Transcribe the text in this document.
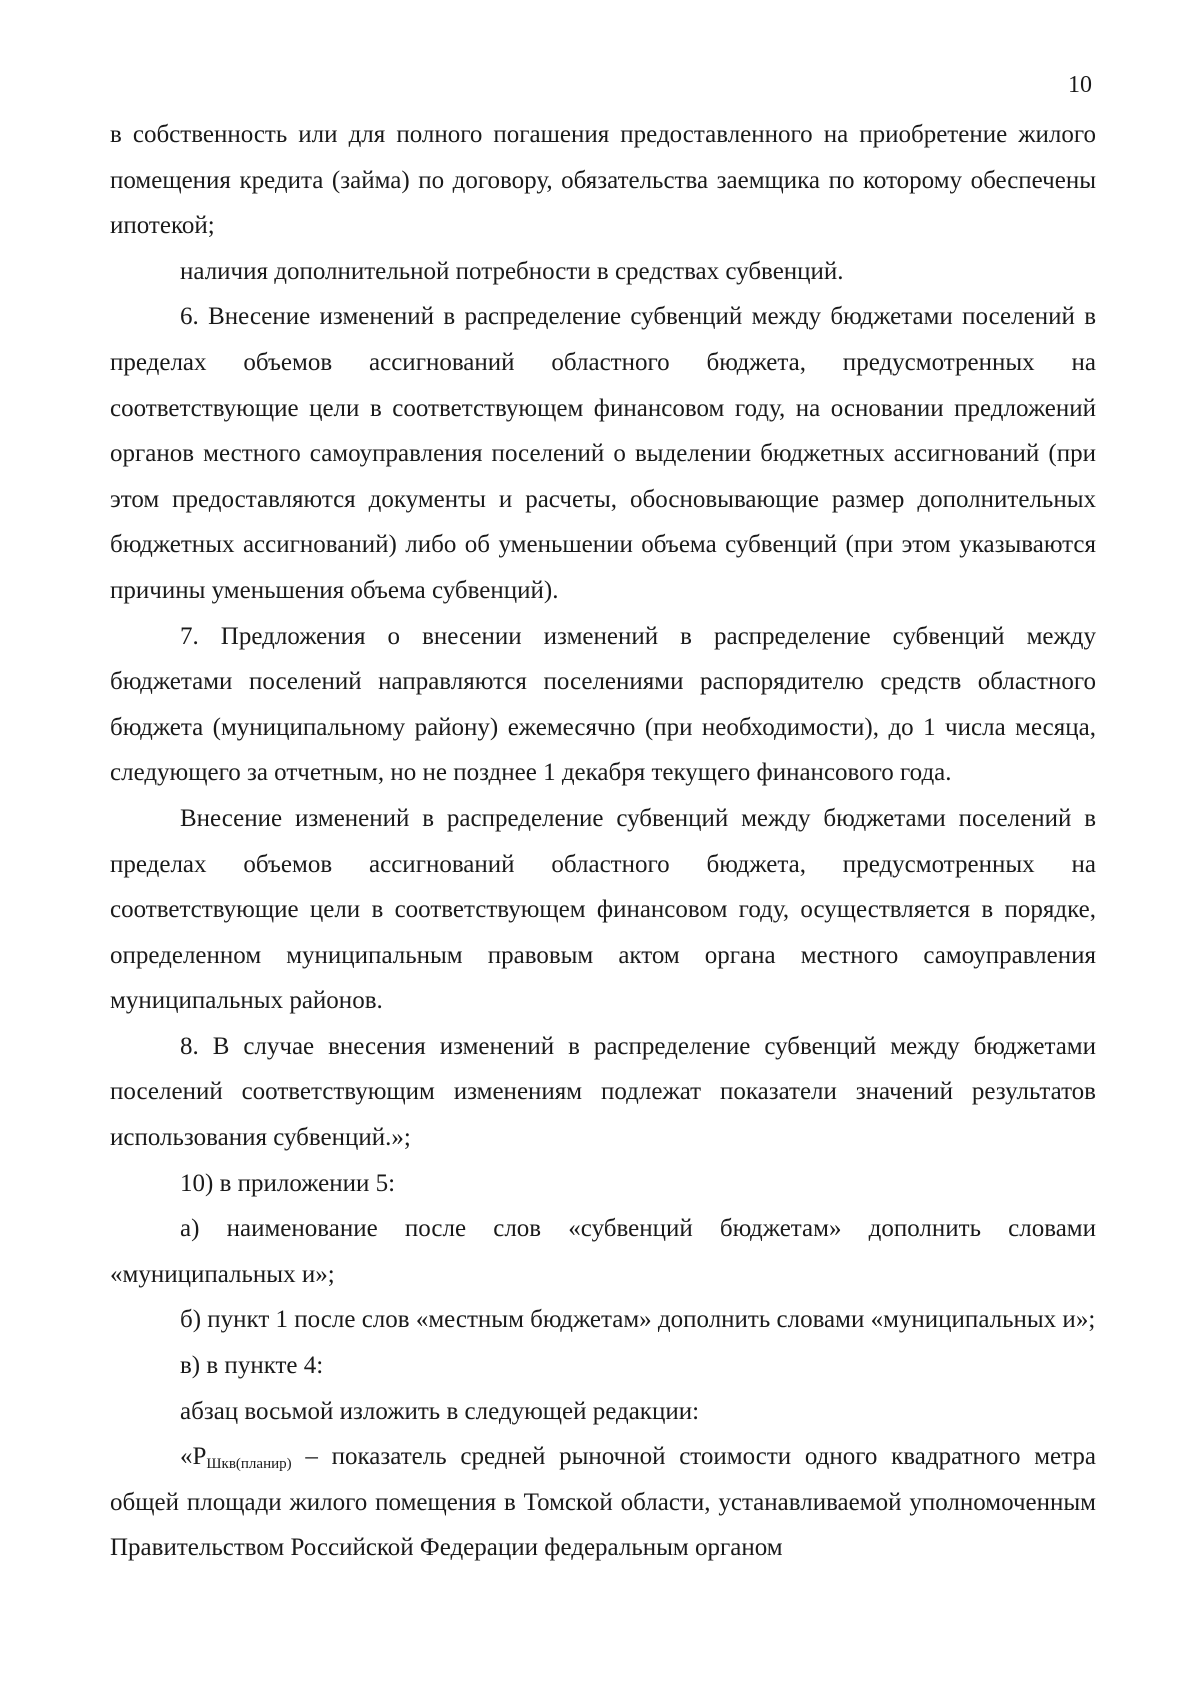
10

в собственность или для полного погашения предоставленного на приобретение жилого помещения кредита (займа) по договору, обязательства заемщика по которому обеспечены ипотекой;

наличия дополнительной потребности в средствах субвенций.

6. Внесение изменений в распределение субвенций между бюджетами поселений в пределах объемов ассигнований областного бюджета, предусмотренных на соответствующие цели в соответствующем финансовом году, на основании предложений органов местного самоуправления поселений о выделении бюджетных ассигнований (при этом предоставляются документы и расчеты, обосновывающие размер дополнительных бюджетных ассигнований) либо об уменьшении объема субвенций (при этом указываются причины уменьшения объема субвенций).

7. Предложения о внесении изменений в распределение субвенций между бюджетами поселений направляются поселениями распорядителю средств областного бюджета (муниципальному району) ежемесячно (при необходимости), до 1 числа месяца, следующего за отчетным, но не позднее 1 декабря текущего финансового года.

Внесение изменений в распределение субвенций между бюджетами поселений в пределах объемов ассигнований областного бюджета, предусмотренных на соответствующие цели в соответствующем финансовом году, осуществляется в порядке, определенном муниципальным правовым актом органа местного самоуправления муниципальных районов.

8. В случае внесения изменений в распределение субвенций между бюджетами поселений соответствующим изменениям подлежат показатели значений результатов использования субвенций.»;

10) в приложении 5:

а) наименование после слов «субвенций бюджетам» дополнить словами «муниципальных и»;

б) пункт 1 после слов «местным бюджетам» дополнить словами «муниципальных и»;

в) в пункте 4:

абзац восьмой изложить в следующей редакции:

«$Р_{Шкв(планир)}$ – показатель средней рыночной стоимости одного квадратного метра общей площади жилого помещения в Томской области, устанавливаемой уполномоченным Правительством Российской Федерации федеральным органом
